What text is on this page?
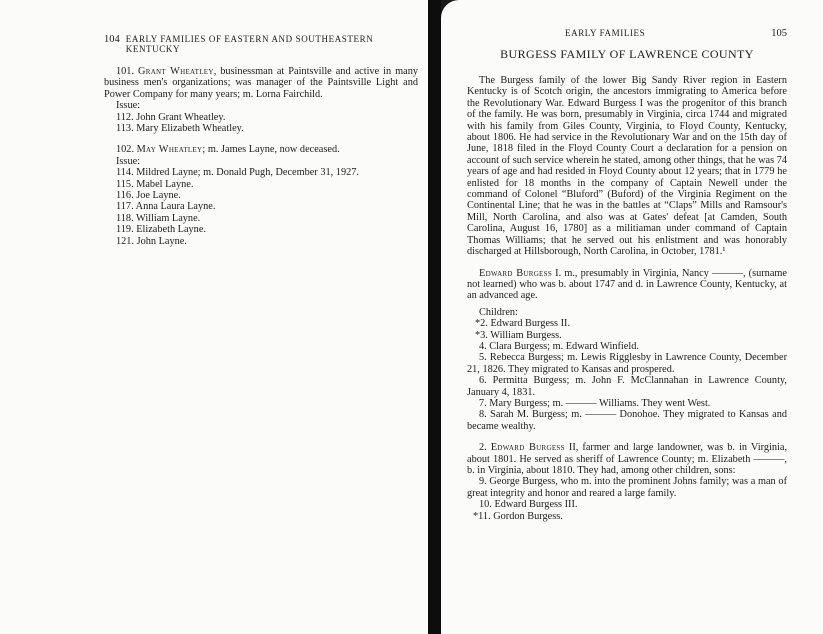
104 EARLY FAMILIES OF EASTERN AND SOUTHEASTERN KENTUCKY

101. Grant Wheatley, businessman at Paintsville and active in many business men's organizations; was manager of the Paintsville Light and Power Company for many years; m. Lorna Fairchild.

Issue:
112. John Grant Wheatley.
113. Mary Elizabeth Wheatley.

102. May Wheatley; m. James Layne, now deceased.

Issue:
114. Mildred Layne; m. Donald Pugh, December 31, 1927.
115. Mabel Layne.
116. Joe Layne.
117. Anna Laura Layne.
118. William Layne.
119. Elizabeth Layne.
121. John Layne.
EARLY FAMILIES	105
BURGESS FAMILY OF LAWRENCE COUNTY

The Burgess family of the lower Big Sandy River region in Eastern Kentucky is of Scotch origin, the ancestors immigrating to America before the Revolutionary War. Edward Burgess I was the progenitor of this branch of the family. He was born, presumably in Virginia, circa 1744 and migrated with his family from Giles County, Virginia, to Floyd County, Kentucky, about 1806. He had service in the Revolutionary War and on the 15th day of June, 1818 filed in the Floyd County Court a declaration for a pension on account of such service wherein he stated, among other things, that he was 74 years of age and had resided in Floyd County about 12 years; that in 1779 he enlisted for 18 months in the company of Captain Newell under the command of Colonel “Bluford” (Buford) of the Virginia Regiment on the Continental Line; that he was in the battles at “Claps” Mills and Ramsour's Mill, North Carolina, and also was at Gates' defeat [at Camden, South Carolina, August 16, 1780] as a militiaman under command of Captain Thomas Williams; that he served out his enlistment and was honorably discharged at Hillsborough, North Carolina, in October, 1781.¹

Edward Burgess I. m., presumably in Virginia, Nancy ———, (surname not learned) who was b. about 1747 and d. in Lawrence County, Kentucky, at an advanced age.

Children:
*2. Edward Burgess II.
*3. William Burgess.
4. Clara Burgess; m. Edward Winfield.

5. Rebecca Burgess; m. Lewis Rigglesby in Lawrence County, December 21, 1826. They migrated to Kansas and prospered.

6. Permitta Burgess; m. John F. McClannahan in Lawrence County, January 4, 1831.

7. Mary Burgess; m. ——— Williams. They went West.

8. Sarah M. Burgess; m. ——— Donohoe. They migrated to Kansas and became wealthy.

2. Edward Burgess II, farmer and large landowner, was b. in Virginia, about 1801. He served as sheriff of Lawrence County; m. Elizabeth ———, b. in Virginia, about 1810. They had, among other children, sons:

9. George Burgess, who m. into the prominent Johns family; was a man of great integrity and honor and reared a large family.

10. Edward Burgess III.
*11. Gordon Burgess.
